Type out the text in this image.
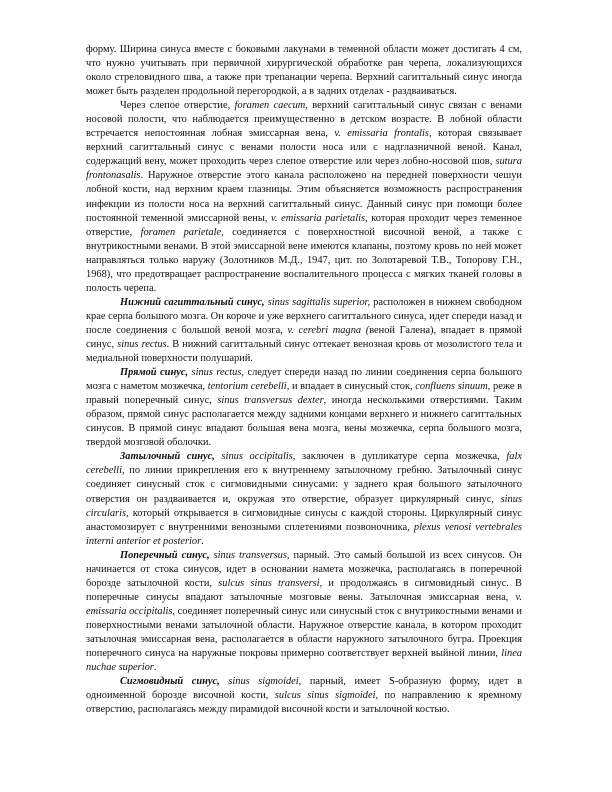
форму. Ширина синуса вместе с боковыми лакунами в теменной области может достигать 4 см, что нужно учитывать при первичной хирургической обработке ран черепа, локализующихся около стреловидного шва, а также при трепанации черепа. Верхний сагиттальный синус иногда может быть разделен продольной перегородкой, а в задних отделах - раздваиваться.

Через слепое отверстие, foramen caecum, верхний сагиттальный синус связан с венами носовой полости, что наблюдается преимущественно в детском возрасте. В лобной области встречается непостоянная лобная эмиссарная вена, v. emissaria frontalis, которая связывает верхний сагиттальный синус с венами полости носа или с надглазничной веной. Канал, содержащий вену, может проходить через слепое отверстие или через лобно-носовой шов, sutura frontonasalis. Наружное отверстие этого канала расположено на передней поверхности чешуи лобной кости, над верхним краем глазницы. Этим объясняется возможность распространения инфекции из полости носа на верхний сагиттальный синус. Данный синус при помощи более постоянной теменной эмиссарной вены, v. emissaria parietalis, которая проходит через теменное отверстие, foramen parietale, соединяется с поверхностной височной веной, а также с внутрикостными венами. В этой эмиссарной вене имеются клапаны, поэтому кровь по ней может направляться только наружу (Золотников М.Д., 1947, цит. по Золотаревой Т.В., Топорову Г.Н., 1968), что предотвращает распространение воспалительного процесса с мягких тканей головы в полость черепа.

Нижний сагиттальный синус, sinus sagittalis superior, расположен в нижнем свободном крае серпа большого мозга. Он короче и уже верхнего сагиттального синуса, идет спереди назад и после соединения с большой веной мозга, v. cerebri magna (веной Галена), впадает в прямой синус, sinus rectus. В нижний сагиттальный синус оттекает венозная кровь от мозолистого тела и медиальной поверхности полушарий.

Прямой синус, sinus rectus, следует спереди назад по линии соединения серпа большого мозга с наметом мозжечка, tentorium cerebelli, и впадает в синусный сток, confluens sinuum, реже в правый поперечный синус, sinus transversus dexter, иногда несколькими отверстиями. Таким образом, прямой синус располагается между задними концами верхнего и нижнего сагиттальных синусов. В прямой синус впадают большая вена мозга, вены мозжечка, серпа большого мозга, твердой мозговой оболочки.

Затылочный синус, sinus occipitalis, заключен в дупликатуре серпа мозжечка, falx cerebelli, по линии прикрепления его к внутреннему затылочному гребню. Затылочный синус соединяет синусный сток с сигмовидными синусами: у заднего края большого затылочного отверстия он раздваивается и, окружая это отверстие, образует циркулярный синус, sinus circularis, который открывается в сигмовидные синусы с каждой стороны. Циркулярный синус анастомозирует с внутренними венозными сплетениями позвоночника, plexus venosi vertebrales interni anterior et posterior.

Поперечный синус, sinus transversus, парный. Это самый большой из всех синусов. Он начинается от стока синусов, идет в основании намета мозжечка, располагаясь в поперечной борозде затылочной кости, sulcus sinus transversi, и продолжаясь в сигмовидный синус. В поперечные синусы впадают затылочные мозговые вены. Затылочная эмиссарная вена, v. emissaria occipitalis, соединяет поперечный синус или синусный сток с внутрикостными венами и поверхностными венами затылочной области. Наружное отверстие канала, в котором проходит затылочная эмиссарная вена, располагается в области наружного затылочного бугра. Проекция поперечного синуса на наружные покровы примерно соответствует верхней выйной линии, linea nuchae superior.

Сигмовидный синус, sinus sigmoidei, парный, имеет S-образную форму, идет в одноименной борозде височной кости, sulcus sinus sigmoidei, по направлению к яремному отверстию, располагаясь между пирамидой височной кости и затылочной костью.
